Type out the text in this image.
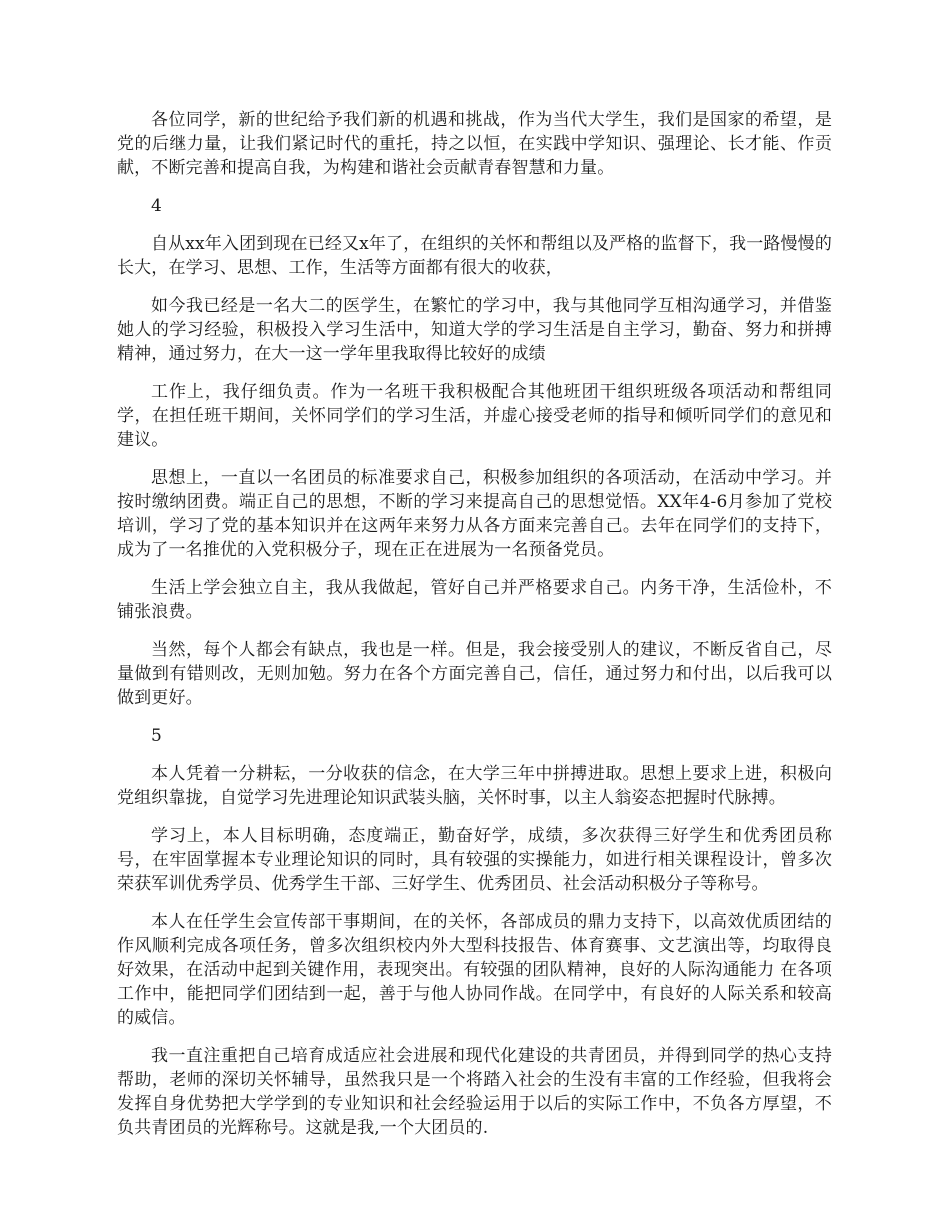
各位同学，新的世纪给予我们新的机遇和挑战，作为当代大学生，我们是国家的希望，是党的后继力量，让我们紧记时代的重托，持之以恒，在实践中学知识、强理论、长才能、作贡献，不断完善和提高自我，为构建和谐社会贡献青春智慧和力量。

4

自从xx年入团到现在已经又x年了，在组织的关怀和帮组以及严格的监督下，我一路慢慢的长大，在学习、思想、工作，生活等方面都有很大的收获，

如今我已经是一名大二的医学生，在繁忙的学习中，我与其他同学互相沟通学习，并借鉴她人的学习经验，积极投入学习生活中，知道大学的学习生活是自主学习，勤奋、努力和拼搏精神，通过努力，在大一这一学年里我取得比较好的成绩

工作上，我仔细负责。作为一名班干我积极配合其他班团干组织班级各项活动和帮组同学，在担任班干期间，关怀同学们的学习生活，并虚心接受老师的指导和倾听同学们的意见和建议。

思想上，一直以一名团员的标准要求自己，积极参加组织的各项活动，在活动中学习。并按时缴纳团费。端正自己的思想，不断的学习来提高自己的思想觉悟。XX年4-6月参加了党校培训，学习了党的基本知识并在这两年来努力从各方面来完善自己。去年在同学们的支持下，成为了一名推优的入党积极分子，现在正在进展为一名预备党员。

生活上学会独立自主，我从我做起，管好自己并严格要求自己。内务干净，生活俭朴，不铺张浪费。

当然，每个人都会有缺点，我也是一样。但是，我会接受别人的建议，不断反省自己，尽量做到有错则改，无则加勉。努力在各个方面完善自己，信任，通过努力和付出，以后我可以做到更好。

5

本人凭着一分耕耘，一分收获的信念，在大学三年中拼搏进取。思想上要求上进，积极向党组织靠拢，自觉学习先进理论知识武装头脑，关怀时事，以主人翁姿态把握时代脉搏。

学习上，本人目标明确，态度端正，勤奋好学，成绩，多次获得三好学生和优秀团员称号，在牢固掌握本专业理论知识的同时，具有较强的实操能力，如进行相关课程设计，曾多次荣获军训优秀学员、优秀学生干部、三好学生、优秀团员、社会活动积极分子等称号。

本人在任学生会宣传部干事期间，在的关怀，各部成员的鼎力支持下，以高效优质团结的作风顺利完成各项任务，曾多次组织校内外大型科技报告、体育赛事、文艺演出等，均取得良好效果，在活动中起到关键作用，表现突出。有较强的团队精神，良好的人际沟通能力 在各项工作中，能把同学们团结到一起，善于与他人协同作战。在同学中，有良好的人际关系和较高的威信。

我一直注重把自己培育成适应社会进展和现代化建设的共青团员，并得到同学的热心支持帮助，老师的深切关怀辅导，虽然我只是一个将踏入社会的生没有丰富的工作经验，但我将会发挥自身优势把大学学到的专业知识和社会经验运用于以后的实际工作中，不负各方厚望，不负共青团员的光辉称号。这就是我,一个大团员的.
